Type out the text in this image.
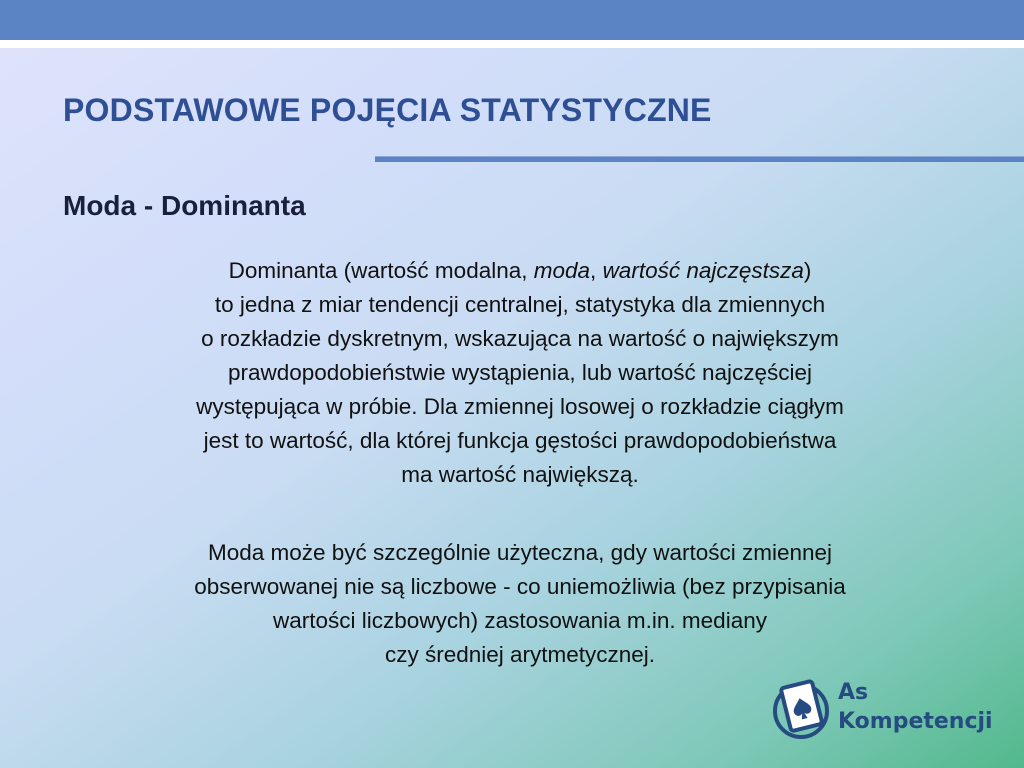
PODSTAWOWE POJĘCIA STATYSTYCZNE
Moda - Dominanta
Dominanta (wartość modalna, moda, wartość najczęstsza)
to jedna z miar tendencji centralnej, statystyka dla zmiennych
o rozkładzie dyskretnym, wskazująca na wartość o największym
prawdopodobieństwie wystąpienia, lub wartość najczęściej
występująca w próbie. Dla zmiennej losowej o rozkładzie ciągłym
jest to wartość, dla której funkcja gęstości prawdopodobieństwa
ma wartość największą.
Moda może być szczególnie użyteczna, gdy wartości zmiennej
obserwowanej nie są liczbowe - co uniemożliwia (bez przypisania
wartości liczbowych) zastosowania m.in. mediany
czy średniej arytmetycznej.
As
Kompetencji
